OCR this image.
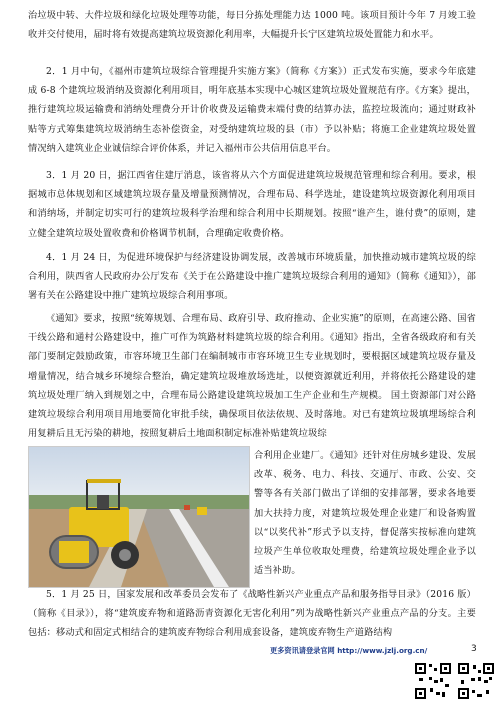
治垃圾中转、大件垃圾和绿化垃圾处理等功能，每日分拣处理能力达 1000 吨。该项目预计今年 7 月竣工验收并交付使用，届时将有效提高建筑垃圾资源化利用率，大幅提升长宁区建筑垃圾处置能力和水平。

2．1 月中旬，《福州市建筑垃圾综合管理提升实施方案》（简称《方案》）正式发布实施，要求今年底建成 6-8 个建筑垃圾消纳及资源化利用项目，明年底基本实现中心城区建筑垃圾处置规范有序。《方案》提出，推行建筑垃圾运输费和消纳处理费分开计价收费及运输费末端付费的结算办法，监控垃圾流向；通过财政补贴等方式筹集建筑垃圾消纳生态补偿资金，对受纳建筑垃圾的县（市）予以补贴；将施工企业建筑垃圾处置情况纳入建筑业企业诚信综合评价体系，并记入福州市公共信用信息平台。

3．1 月 20 日，据江西省住建厅消息，该省将从六个方面促进建筑垃圾规范管理和综合利用。要求，根据城市总体规划和区域建筑垃圾存量及增量预测情况，合理布局、科学选址，建设建筑垃圾资源化利用项目和消纳场，并制定切实可行的建筑垃圾科学治理和综合利用中长期规划。按照“谁产生，谁付费”的原则，建立健全建筑垃圾处置收费和价格调节机制，合理确定收费价格。

4．1 月 24 日，为促进环境保护与经济建设协调发展，改善城市环境质量，加快推动城市建筑垃圾的综合利用，陕西省人民政府办公厅发布《关于在公路建设中推广建筑垃圾综合利用的通知》（简称《通知》），部署有关在公路建设中推广建筑垃圾综合利用事项。

《通知》要求，按照“统筹规划、合理布局、政府引导、政府推动、企业实施”的原则，在高速公路、国省干线公路和通村公路建设中，推广可作为筑路材料建筑垃圾的综合利用。《通知》指出，全省各级政府和有关部门要制定鼓励政策，市容环境卫生部门在编制城市市容环境卫生专业规划时，要根据区域建筑垃圾存量及增量情况，结合城乡环境综合整治，确定建筑垃圾堆放场选址，以便资源就近利用，并将依托公路建设的建筑垃圾处理厂纳入到规划之中，合理布局公路建设建筑垃圾加工生产企业和生产规模。 国土资源部门对公路建筑垃圾综合利用项目用地要简化审批手续，确保项目依法依规、及时落地。对已有建筑垃圾填埋场综合利用复耕后且无污染的耕地，按照复耕后土地面积制定标准补贴建筑垃圾综

合利用企业建厂。《通知》还针对住房城乡建设、发展改革、税务、电力、科技、交通厅、市政、公安、交警等各有关部门做出了详细的安排部署，要求各地要加大扶持力度，对建筑垃圾处理企业建厂和设备购置以“以奖代补”形式予以支持，督促落实按标准向建筑垃圾产生单位收取处理费，给建筑垃圾处理企业予以适当补助。

5．1 月 25 日，国家发展和改革委员会发布了《战略性新兴产业重点产品和服务指导目录》（2016 版）（简称《目录》），将“建筑废弃物和道路沥青资源化无害化利用”列为战略性新兴产业重点产品的分支。主要包括：移动式和固定式相结合的建筑废弃物综合利用成套设备，建筑废弃物生产道路结构

更多资讯请登录官网 http://www.jzlj.org.cn/	3
